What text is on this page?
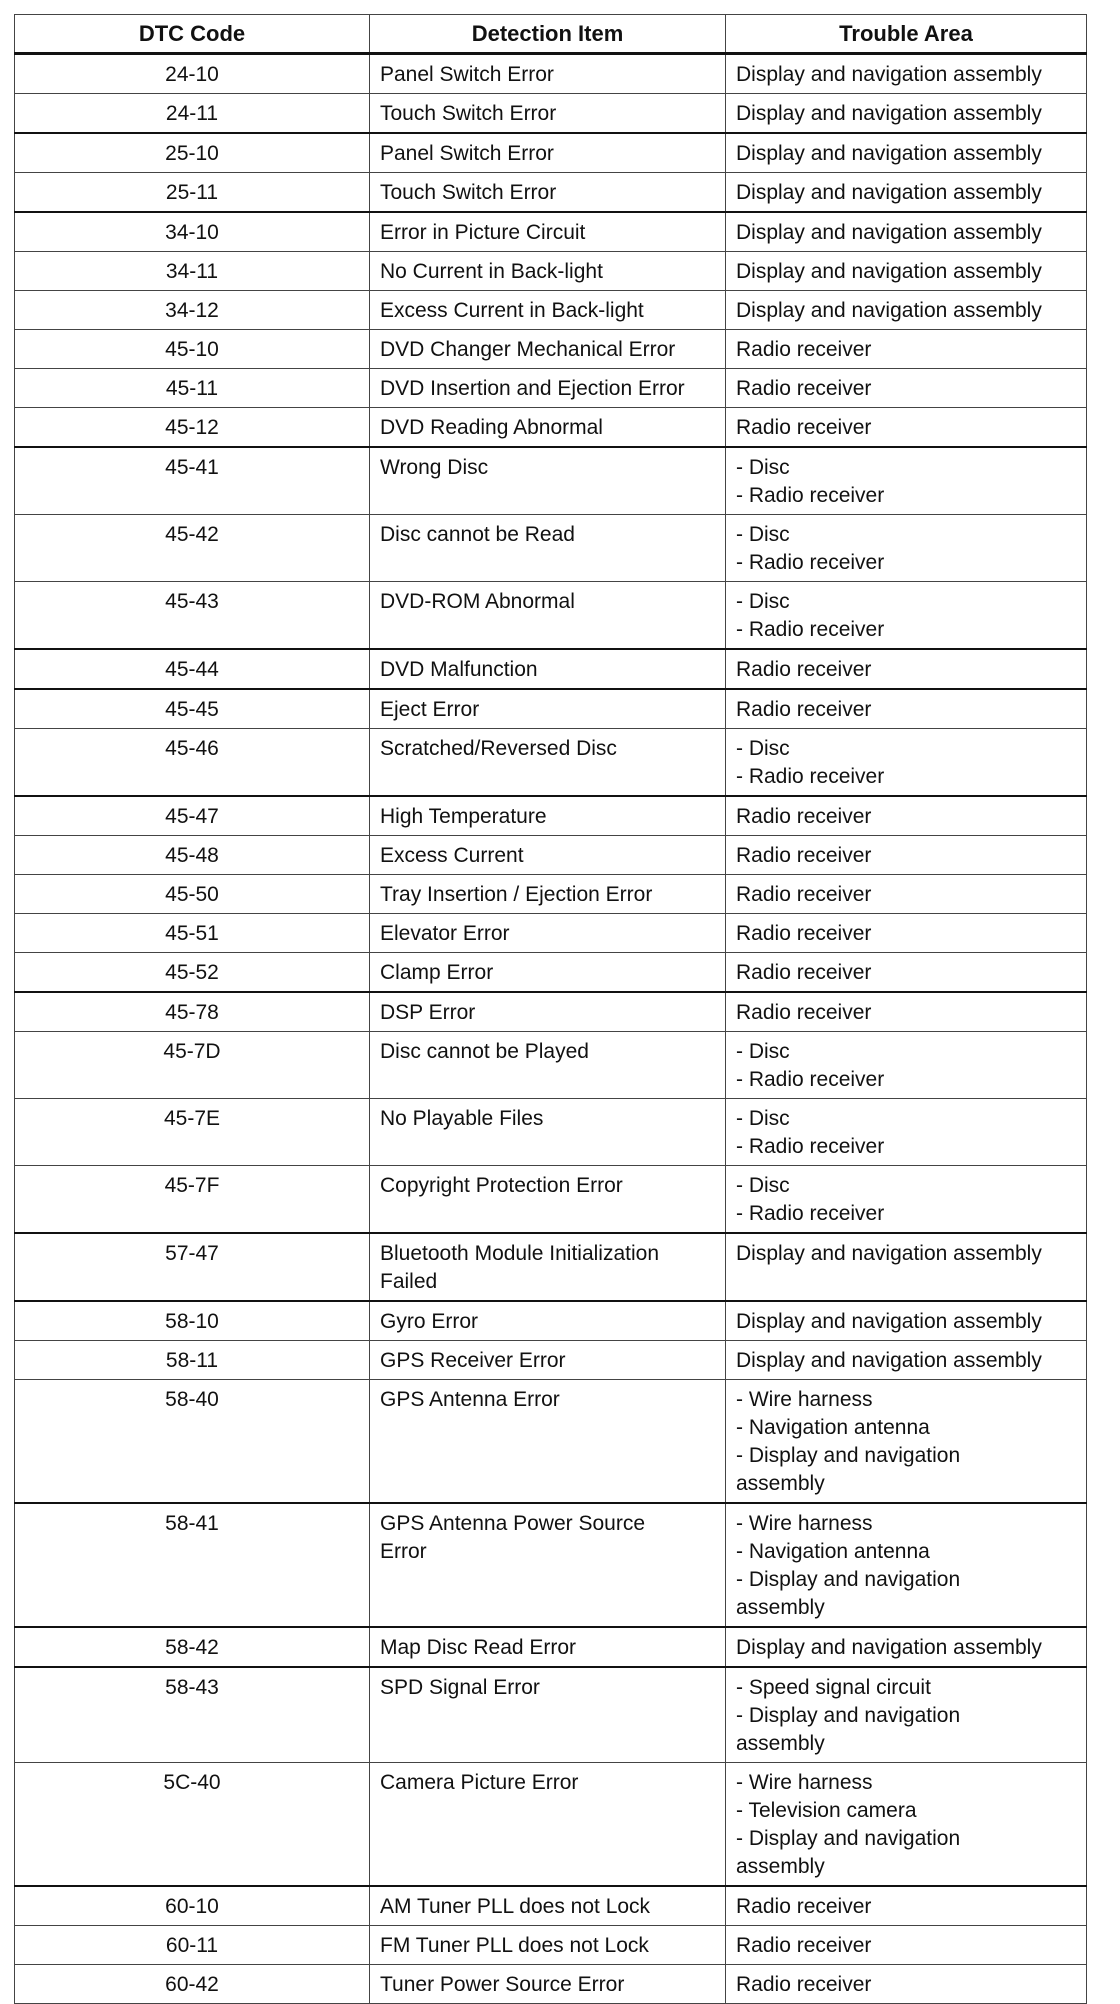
DTC Code	Detection Item	Trouble Area
24-10	Panel Switch Error	Display and navigation assembly

24-11	Touch Switch Error	Display and navigation assembly

25-10	Panel Switch Error	Display and navigation assembly

25-11	Touch Switch Error	Display and navigation assembly

34-10	Error in Picture Circuit	Display and navigation assembly

34-11	No Current in Back-light	Display and navigation assembly

34-12	Excess Current in Back-light	Display and navigation assembly

45-10	DVD Changer Mechanical Error	Radio receiver

45-11	DVD Insertion and Ejection Error	Radio receiver

45-12	DVD Reading Abnormal	Radio receiver

45-41	Wrong Disc	- Disc
- Radio receiver

45-42	Disc cannot be Read	- Disc
- Radio receiver

45-43	DVD-ROM Abnormal	- Disc
- Radio receiver

45-44	DVD Malfunction	Radio receiver

45-45	Eject Error	Radio receiver

45-46	Scratched/Reversed Disc	- Disc
- Radio receiver

45-47	High Temperature	Radio receiver

45-48	Excess Current	Radio receiver

45-50	Tray Insertion / Ejection Error	Radio receiver

45-51	Elevator Error	Radio receiver

45-52	Clamp Error	Radio receiver

45-78	DSP Error	Radio receiver

45-7D	Disc cannot be Played	- Disc
- Radio receiver

45-7E	No Playable Files	- Disc
- Radio receiver

45-7F	Copyright Protection Error	- Disc
- Radio receiver

57-47	Bluetooth Module Initialization
Failed	Display and navigation assembly

58-10	Gyro Error	Display and navigation assembly

58-11	GPS Receiver Error	Display and navigation assembly

58-40	GPS Antenna Error	- Wire harness
- Navigation antenna
- Display and navigation
assembly

58-41	GPS Antenna Power Source
Error	- Wire harness
- Navigation antenna
- Display and navigation
assembly

58-42	Map Disc Read Error	Display and navigation assembly

58-43	SPD Signal Error	- Speed signal circuit
- Display and navigation
assembly

5C-40	Camera Picture Error	- Wire harness
- Television camera
- Display and navigation
assembly

60-10	AM Tuner PLL does not Lock	Radio receiver

60-11	FM Tuner PLL does not Lock	Radio receiver

60-42	Tuner Power Source Error	Radio receiver
